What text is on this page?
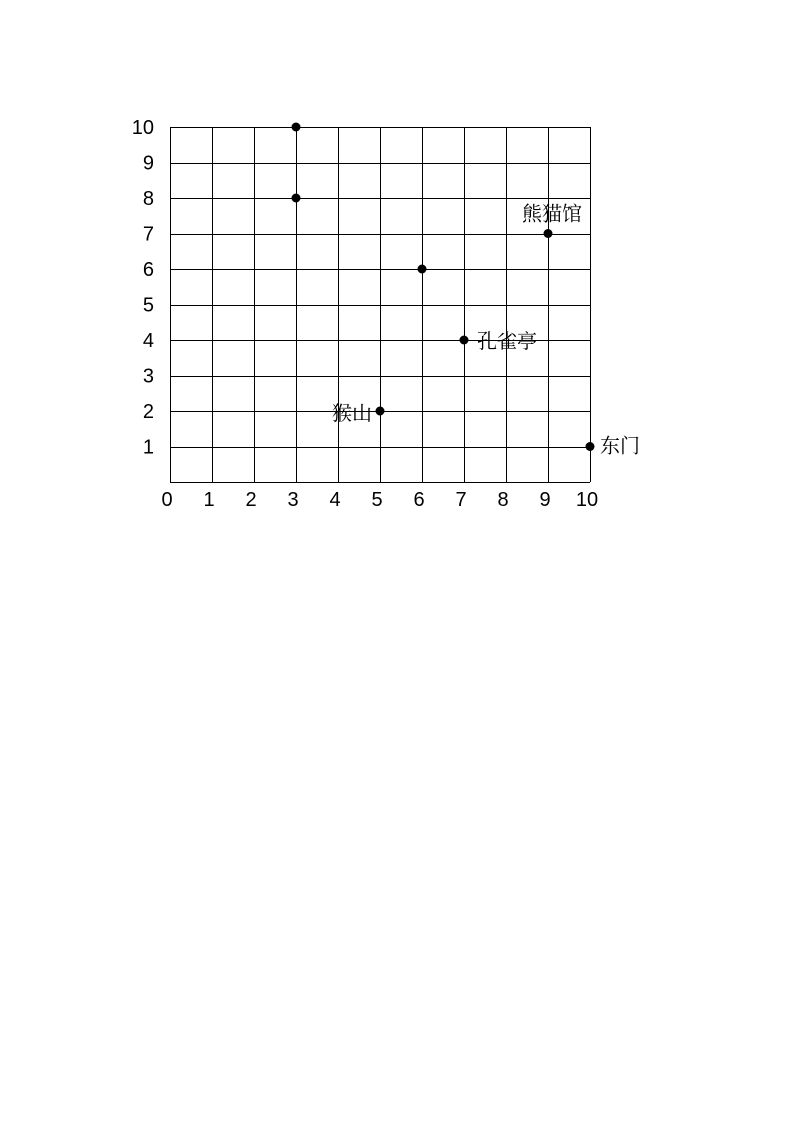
0 1 2 3 4 5 6 7 8 9 10
1
2
3
4
5
6
7
8
9
10
熊猫馆
孔雀亭
猴山
东门
